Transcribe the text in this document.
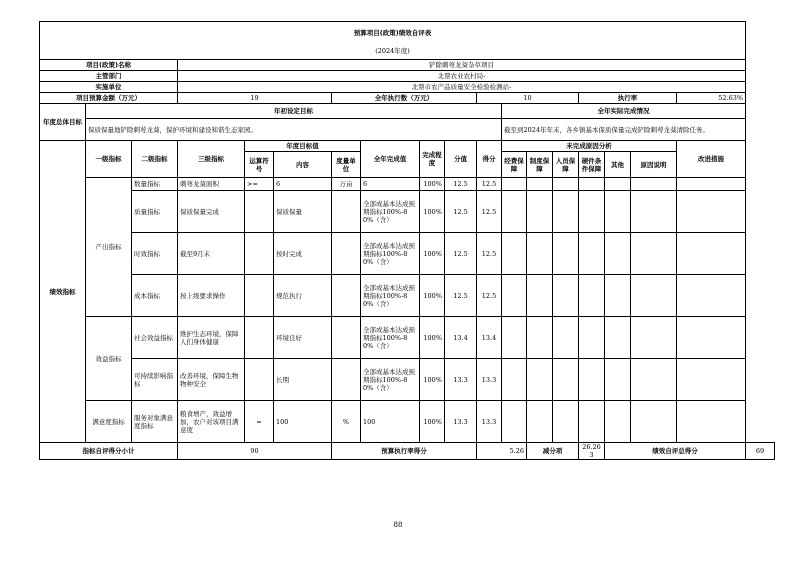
预算项目(政策)绩效自评表																		
(2024年度)																		
项目(政策)名称			铲除刺萼龙葵杂草项目															
主管部门			北票农业农村局-															
实施单位			北票市农产品质量安全检验检测站-															
项目预算金额（万元）			19			全年执行数（万元）				10				执行率			52.63%	
年度总体目标	年初设定目标										全年实际完成情况							
	保质保量地铲除刺萼龙葵，保护环境和建设和谐生态家园。										截至到2024年年末，各乡镇基本保质保量完成铲除刺萼龙葵清除任务。							
绩效指标	一级指标	二级指标	三级指标	年度目标值			全年完成值	完成程度	分值	得分	未完成原因分析						改进措施	
				运算符号	内容	度量单位					经费保障	制度保障	人员保障	硬件条件保障	其他	原因说明		

	产出指标	数量指标	刺萼龙葵面积	>=	6	万亩	6	100%	12.5	12.5								
		质量指标	保质保量完成		保质保量		全部或基本达成预期指标100%-80%（含）	100%	12.5	12.5								
		时效指标	截至9月末		按时完成		全部或基本达成预期指标100%-80%（含）	100%	12.5	12.5								
		成本指标	按上级要求操作		规范执行		全部或基本达成预期指标100%-80%（含）	100%	12.5	12.5								
	效益指标	社会效益指标	维护生态环境，保障人们身体健康		环境良好		全部或基本达成预期指标100%-80%（含）	100%	13.4	13.4								
		可持续影响指标	改善环境，保障生物物种安全		长期		全部或基本达成预期指标100%-80%（含）	100%	13.3	13.3								
	满意度指标	服务对象满意度指标	粮食增产，效益增加，农户对该项目满意度	=	100	%	100	100%	13.3	13.3								
指标自评得分小计			90			预算执行率得分				5.26		减分项		26.263	绩效自评总得分			69
88
